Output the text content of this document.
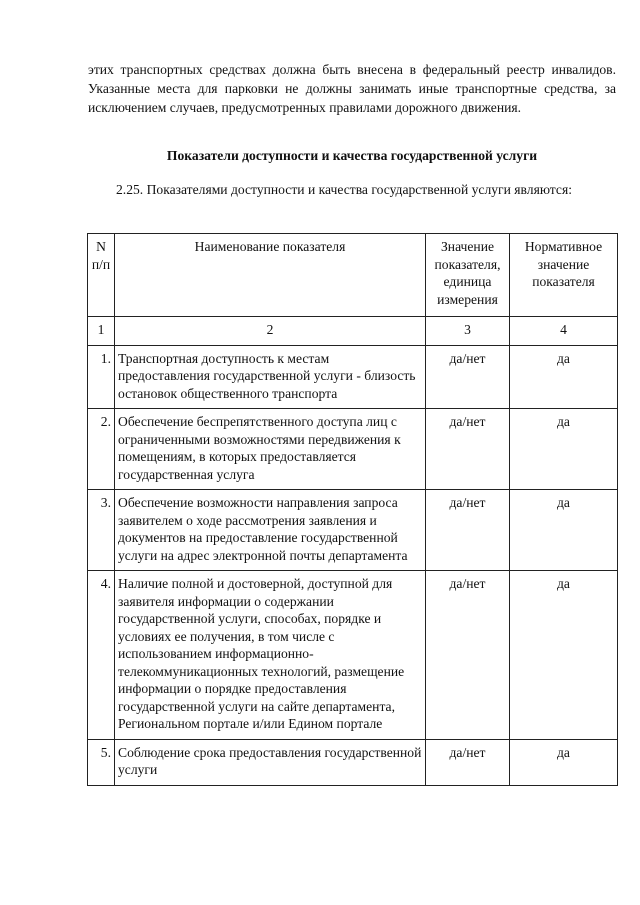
этих транспортных средствах должна быть внесена в федеральный реестр инвалидов. Указанные места для парковки не должны занимать иные транспортные средства, за исключением случаев, предусмотренных правилами дорожного движения.

Показатели доступности и качества государственной услуги

2.25. Показателями доступности и качества государственной услуги являются:

N п/п	Наименование показателя	Значение показателя, единица измерения	Нормативное значение показателя
1	2	3	4
1.	Транспортная доступность к местам предоставления государственной услуги - близость остановок общественного транспорта	да/нет	да
2.	Обеспечение беспрепятственного доступа лиц с ограниченными возможностями передвижения к помещениям, в которых предоставляется государственная услуга	да/нет	да
3.	Обеспечение возможности направления запроса заявителем о ходе рассмотрения заявления и документов на предоставление государственной услуги на адрес электронной почты департамента	да/нет	да
4.	Наличие полной и достоверной, доступной для заявителя информации о содержании государственной услуги, способах, порядке и условиях ее получения, в том числе с использованием информационно-телекоммуникационных технологий, размещение информации о порядке предоставления государственной услуги на сайте департамента, Региональном портале и/или Едином портале	да/нет	да
5.	Соблюдение срока предоставления государственной услуги	да/нет	да
